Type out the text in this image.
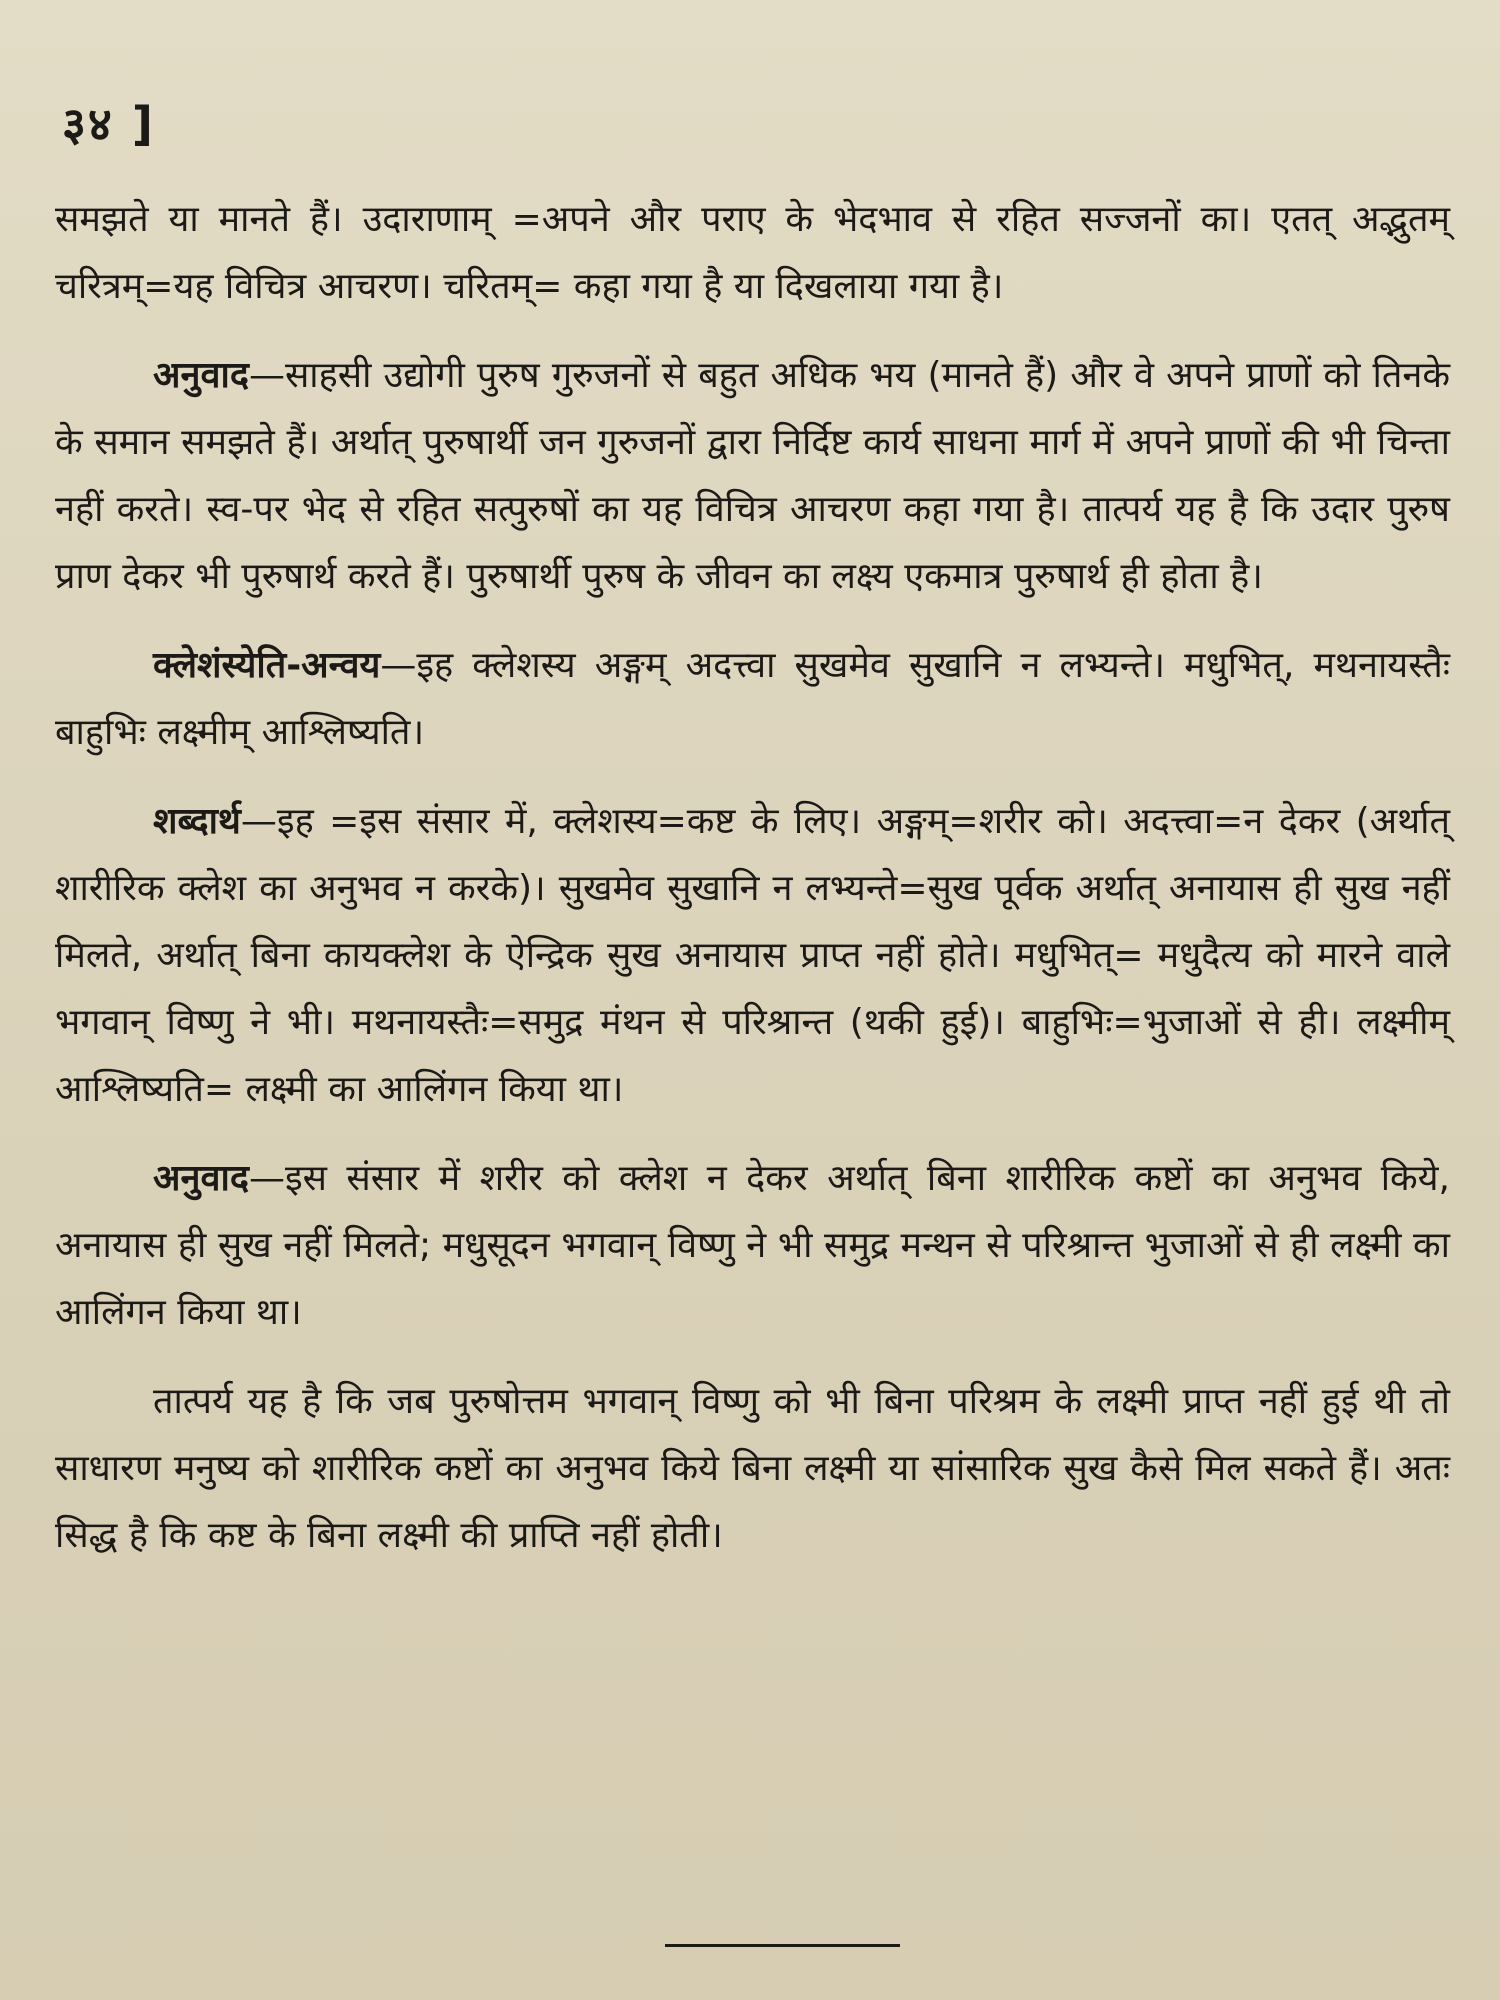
३४ ]

समझते या मानते हैं। उदाराणाम् =अपने और पराए के भेदभाव से रहित सज्जनों का। एतत् अद्भुतम् चरित्रम्=यह विचित्र आचरण। चरितम्= कहा गया है या दिखलाया गया है।

अनुवाद—साहसी उद्योगी पुरुष गुरुजनों से बहुत अधिक भय (मानते हैं) और वे अपने प्राणों को तिनके के समान समझते हैं। अर्थात् पुरुषार्थी जन गुरुजनों द्वारा निर्दिष्ट कार्य साधना मार्ग में अपने प्राणों की भी चिन्ता नहीं करते। स्व-पर भेद से रहित सत्पुरुषों का यह विचित्र आचरण कहा गया है। तात्पर्य यह है कि उदार पुरुष प्राण देकर भी पुरुषार्थ करते हैं। पुरुषार्थी पुरुष के जीवन का लक्ष्य एकमात्र पुरुषार्थ ही होता है।

क्लेशंस्येति-अन्वय—इह क्लेशस्य अङ्गम् अदत्त्वा सुखमेव सुखानि न लभ्यन्ते। मधुभित्, मथनायस्तैः बाहुभिः लक्ष्मीम् आश्लिष्यति।

शब्दार्थ—इह =इस संसार में, क्लेशस्य=कष्ट के लिए। अङ्गम्=शरीर को। अदत्त्वा=न देकर (अर्थात् शारीरिक क्लेश का अनुभव न करके)। सुखमेव सुखानि न लभ्यन्ते=सुख पूर्वक अर्थात् अनायास ही सुख नहीं मिलते, अर्थात् बिना कायक्लेश के ऐन्द्रिक सुख अनायास प्राप्त नहीं होते। मधुभित्= मधुदैत्य को मारने वाले भगवान् विष्णु ने भी। मथनायस्तैः=समुद्र मंथन से परिश्रान्त (थकी हुई)। बाहुभिः=भुजाओं से ही। लक्ष्मीम् आश्लिष्यति= लक्ष्मी का आलिंगन किया था।

अनुवाद—इस संसार में शरीर को क्लेश न देकर अर्थात् बिना शारीरिक कष्टों का अनुभव किये, अनायास ही सुख नहीं मिलते; मधुसूदन भगवान् विष्णु ने भी समुद्र मन्थन से परिश्रान्त भुजाओं से ही लक्ष्मी का आलिंगन किया था।

तात्पर्य यह है कि जब पुरुषोत्तम भगवान् विष्णु को भी बिना परिश्रम के लक्ष्मी प्राप्त नहीं हुई थी तो साधारण मनुष्य को शारीरिक कष्टों का अनुभव किये बिना लक्ष्मी या सांसारिक सुख कैसे मिल सकते हैं। अतः सिद्ध है कि कष्ट के बिना लक्ष्मी की प्राप्ति नहीं होती।
